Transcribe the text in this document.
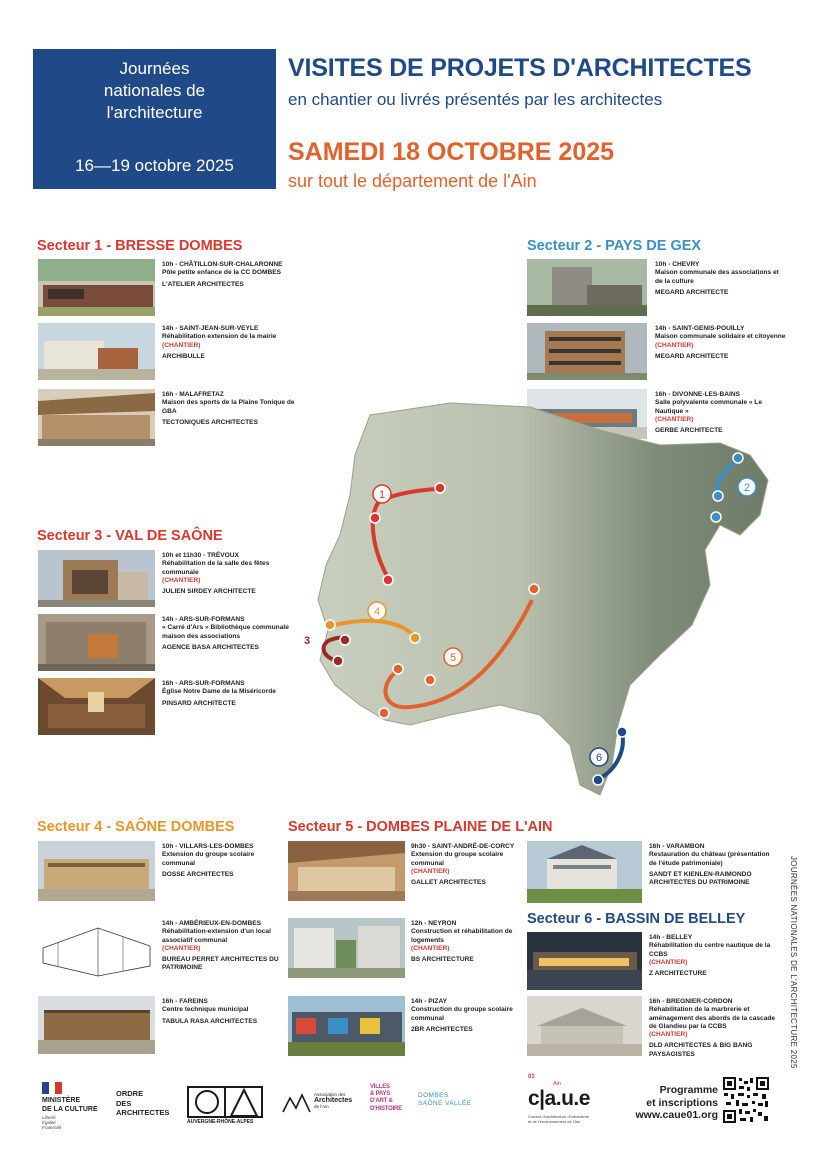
Journées
nationales de
l'architecture
16—19 octobre 2025
VISITES DE PROJETS D'ARCHITECTES
en chantier ou livrés présentés par les architectes
SAMEDI 18 OCTOBRE 2025
sur tout le département de l'Ain
Secteur 1 - BRESSE DOMBES
10h - CHÂTILLON-SUR-CHALARONNE
Pôle petite enfance de la CC DOMBES
L'ATELIER ARCHITECTES
14h - SAINT-JEAN-SUR-VEYLE
Réhabilitation extension de la mairie
(CHANTIER)
ARCHIBULLE
16h - MALAFRETAZ
Maison des sports de la Plaine Tonique de GBA
TECTONIQUES ARCHITECTES
Secteur 2 - PAYS DE GEX
10h - CHEVRY
Maison communale des associations et de la culture
MEGARD ARCHITECTE
14h - SAINT-GENIS-POUILLY
Maison communale solidaire et citoyenne
(CHANTIER)
MEGARD ARCHITECTE
16h - DIVONNE-LES-BAINS
Salle polyvalente communale « Le Nautique »
(CHANTIER)
GERBE ARCHITECTE
1
2
3
4
5
6
Secteur 3 - VAL DE SAÔNE
10h et 11h30 - TRÉVOUX
Réhabilitation de la salle des fêtes communale
(CHANTIER)
JULIEN SIRDEY ARCHITECTE
14h - ARS-SUR-FORMANS
« Carré d'Ars » Bibliothèque communale maison des associations
AGENCE BASA ARCHITECTES
16h - ARS-SUR-FORMANS
Église Notre Dame de la Miséricorde
PINSARD ARCHITECTE
Secteur 4 - SAÔNE DOMBES
10h - VILLARS-LES-DOMBES
Extension du groupe scolaire communal
DOSSE ARCHITECTES
14h - AMBÉRIEUX-EN-DOMBES
Réhabilitation-extension d'un local associatif communal
(CHANTIER)
BUREAU PERRET ARCHITECTES DU PATRIMOINE
16h - FAREINS
Centre technique municipal
TABULA RASA ARCHITECTES
Secteur 5 - DOMBES PLAINE DE L'AIN
9h30 - SAINT-ANDRÉ-DE-CORCY
Extension du groupe scolaire communal
(CHANTIER)
GALLET ARCHITECTES
12h - NEYRON
Construction et réhabilitation de logements
(CHANTIER)
BS ARCHITECTURE
14h - PIZAY
Construction du groupe scolaire communal
2BR ARCHITECTES
16h - VARAMBON
Restauration du château (présentation de l'étude patrimoniale)
SANDT ET KIENLEN-RAIMONDO ARCHITECTES DU PATRIMOINE
Secteur 6 - BASSIN DE BELLEY
14h - BELLEY
Réhabilitation du centre nautique de la CCBS
(CHANTIER)
Z ARCHITECTURE
16h - BREGNIER-CORDON
Réhabilitation de la marbrerie et aménagement des abords de la cascade de Glandieu par la CCBS
(CHANTIER)
DLD ARCHITECTES & BIG BANG PAYSAGISTES	JOURNÉES NATIONALES DE L'ARCHITECTURE 2025
MINISTÈRE
DE LA CULTURE
Liberté
Égalité
Fraternité
ORDRE
DES
ARCHITECTES
AUVERGNE-RHÔNE-ALPES
Association des
Architectes
de l'Ain
VILLES
& PAYS
D'ART &
D'HISTOIRE
DOMBES
SAÔNE VALLÉE
01
Ain
c|a.u.e
Conseil d'architecture d'urbanisme
et de l'environnement de l'Ain
Programme
et inscriptions
www.caue01.org
